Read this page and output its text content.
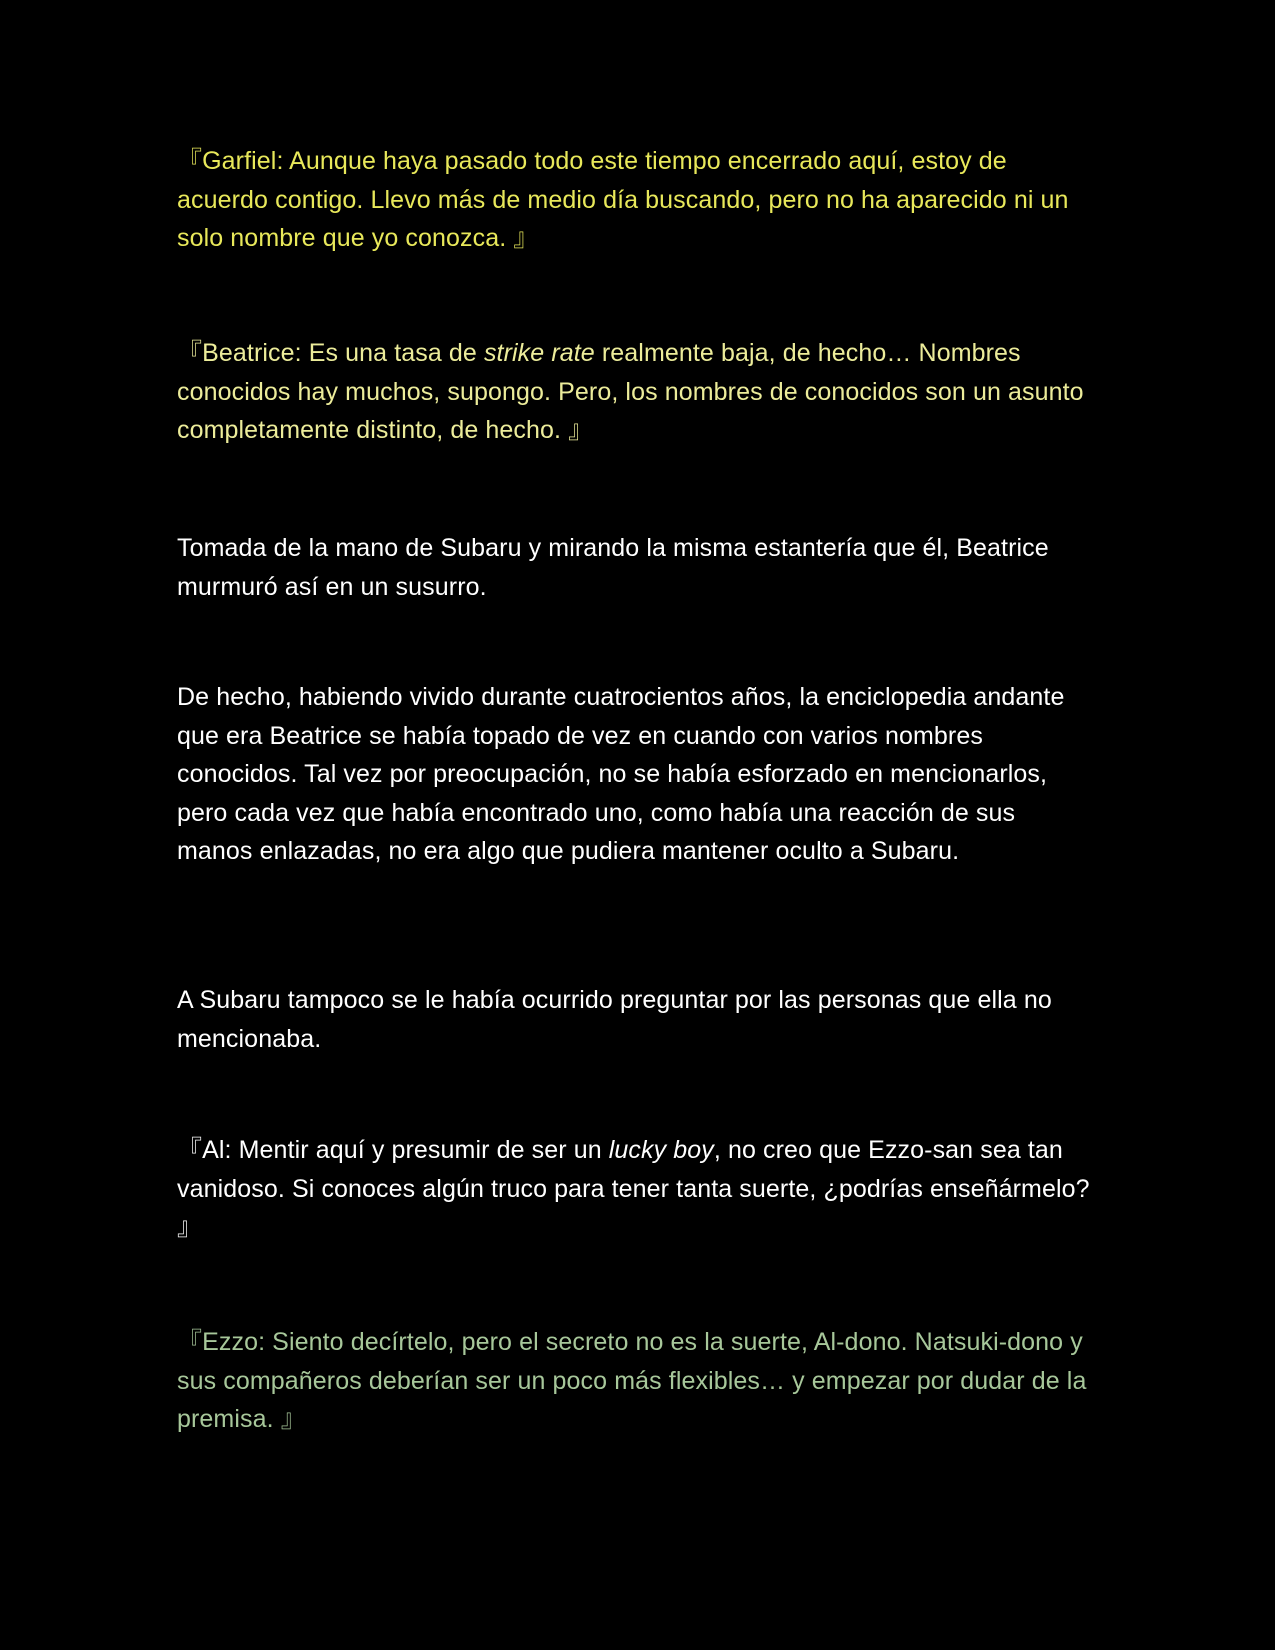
『Garfiel: Aunque haya pasado todo este tiempo encerrado aquí, estoy de acuerdo contigo. Llevo más de medio día buscando, pero no ha aparecido ni un solo nombre que yo conozca. 』

『Beatrice: Es una tasa de strike rate realmente baja, de hecho… Nombres conocidos hay muchos, supongo. Pero, los nombres de conocidos son un asunto completamente distinto, de hecho. 』

Tomada de la mano de Subaru y mirando la misma estantería que él, Beatrice murmuró así en un susurro.

De hecho, habiendo vivido durante cuatrocientos años, la enciclopedia andante que era Beatrice se había topado de vez en cuando con varios nombres conocidos. Tal vez por preocupación, no se había esforzado en mencionarlos, pero cada vez que había encontrado uno, como había una reacción de sus manos enlazadas, no era algo que pudiera mantener oculto a Subaru.

A Subaru tampoco se le había ocurrido preguntar por las personas que ella no mencionaba.

『Al: Mentir aquí y presumir de ser un lucky boy, no creo que Ezzo-san sea tan vanidoso. Si conoces algún truco para tener tanta suerte, ¿podrías enseñármelo? 』

『Ezzo: Siento decírtelo, pero el secreto no es la suerte, Al-dono. Natsuki-dono y sus compañeros deberían ser un poco más flexibles… y empezar por dudar de la premisa. 』
